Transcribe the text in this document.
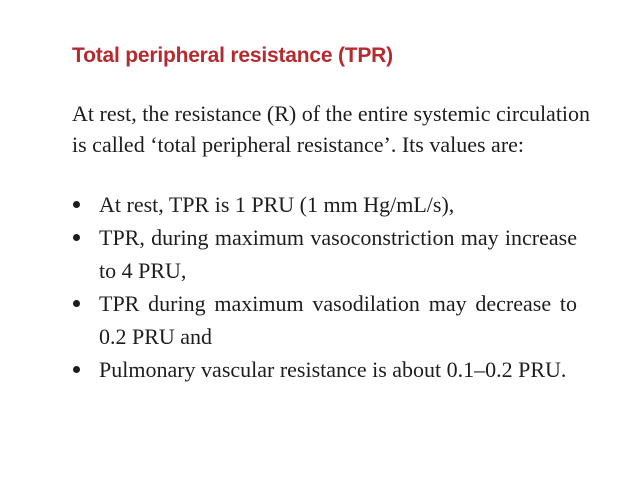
Total peripheral resistance (TPR)

At rest, the resistance (R) of the entire systemic circulation
is called ‘total peripheral resistance’. Its values are:

At rest, TPR is 1 PRU (1 mm Hg/mL/s),
TPR, during maximum vasoconstriction may increase
to 4 PRU,
TPR during maximum vasodilation may decrease to
0.2 PRU and
Pulmonary vascular resistance is about 0.1–0.2 PRU.
